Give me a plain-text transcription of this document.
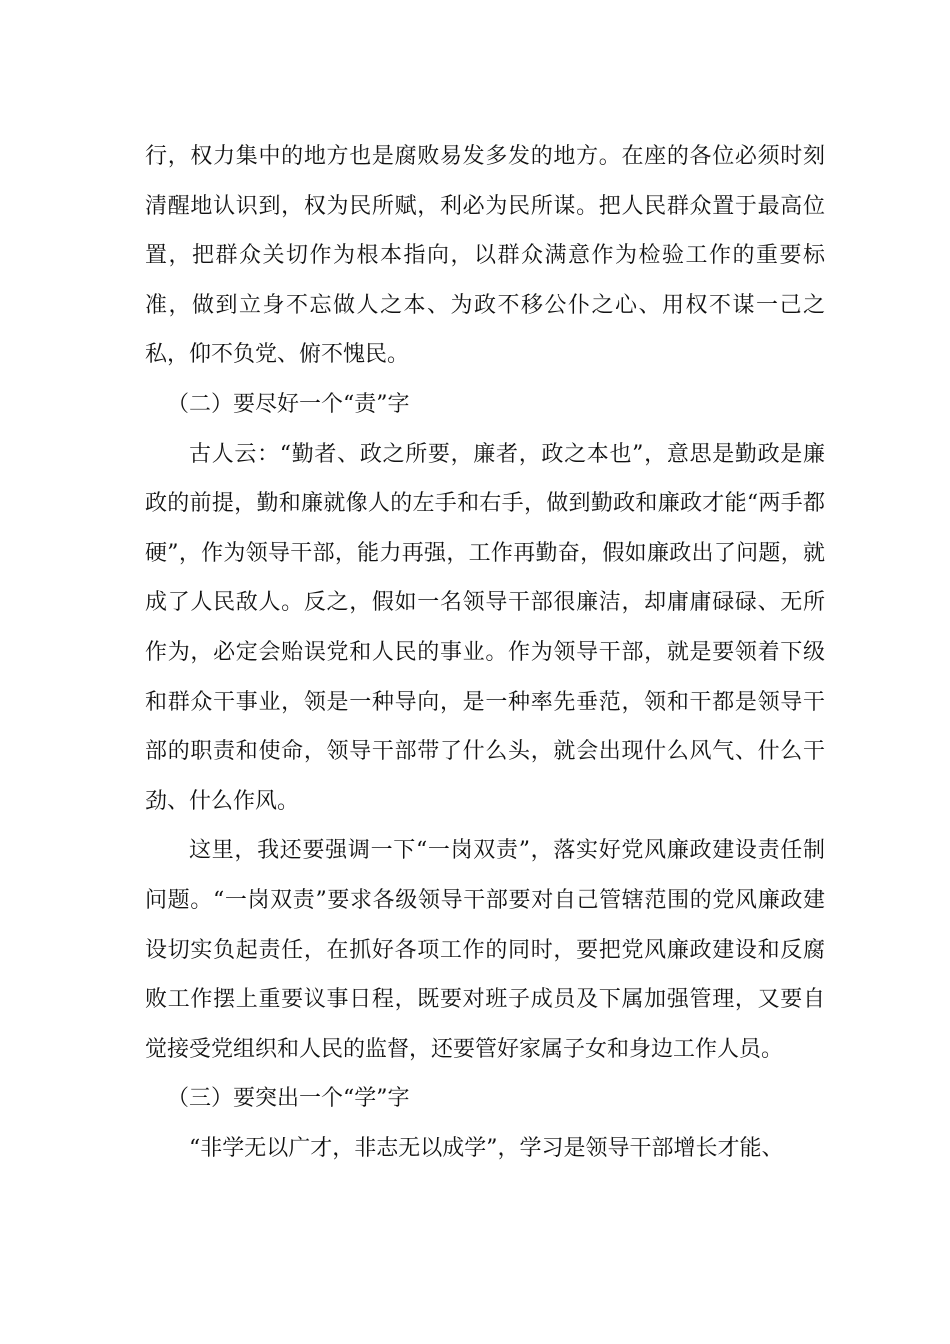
行，权力集中的地方也是腐败易发多发的地方。在座的各位必须时刻清醒地认识到，权为民所赋，利必为民所谋。把人民群众置于最高位置，把群众关切作为根本指向，以群众满意作为检验工作的重要标准，做到立身不忘做人之本、为政不移公仆之心、用权不谋一己之私，仰不负党、俯不愧民。

（二）要尽好一个“责”字

古人云：“勤者、政之所要，廉者，政之本也”，意思是勤政是廉政的前提，勤和廉就像人的左手和右手，做到勤政和廉政才能“两手都硬”，作为领导干部，能力再强，工作再勤奋，假如廉政出了问题，就成了人民敌人。反之，假如一名领导干部很廉洁，却庸庸碌碌、无所作为，必定会贻误党和人民的事业。作为领导干部，就是要领着下级和群众干事业，领是一种导向，是一种率先垂范，领和干都是领导干部的职责和使命，领导干部带了什么头，就会出现什么风气、什么干劲、什么作风。

这里，我还要强调一下“一岗双责”，落实好党风廉政建设责任制问题。“一岗双责”要求各级领导干部要对自己管辖范围的党风廉政建设切实负起责任，在抓好各项工作的同时，要把党风廉政建设和反腐败工作摆上重要议事日程，既要对班子成员及下属加强管理，又要自觉接受党组织和人民的监督，还要管好家属子女和身边工作人员。

（三）要突出一个“学”字

“非学无以广才，非志无以成学”，学习是领导干部增长才能、
